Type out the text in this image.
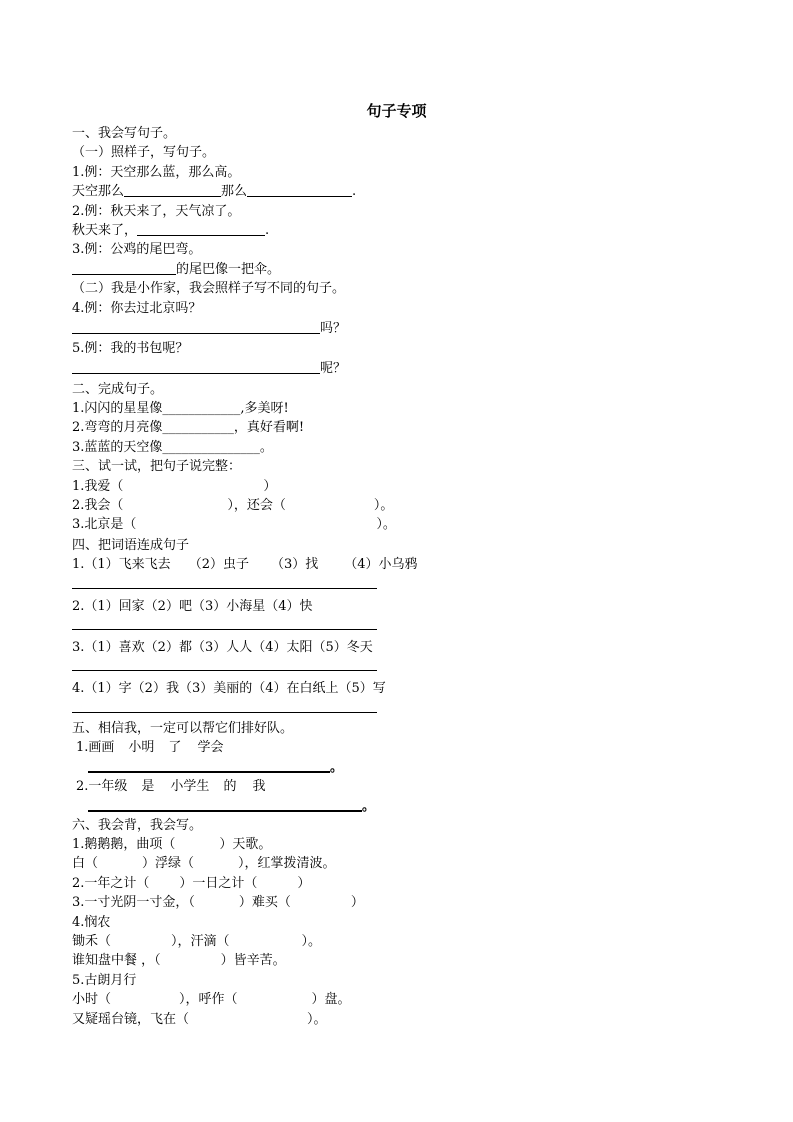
句子专项
一、我会写句子。
（一）照样子，写句子。
1.例：天空那么蓝，那么高。
天空那么	那么	.
2.例：秋天来了，天气凉了。
秋天来了，	.
3.例：公鸡的尾巴弯。
的尾巴像一把伞。
（二）我是小作家，我会照样子写不同的句子。
4.例：你去过北京吗？
吗？
5.例：我的书包呢？
呢？
二、完成句子。
1.闪闪的星星像____________,多美呀!
2.弯弯的月亮像___________，真好看啊!
3.蓝蓝的天空像_______________。
三、试一试，把句子说完整：
1.我爱（	）
2.我会（	），还会（	）。
3.北京是（	）。
四、把词语连成句子
1.（1）飞来飞去 （2）虫子 （3）找 （4）小乌鸦
2.（1）回家（2）吧（3）小海星（4）快
3.（1）喜欢（2）都（3）人人（4）太阳（5）冬天
4.（1）字（2）我（3）美丽的（4）在白纸上（5）写
五、相信我，一定可以帮它们排好队。
1.画画 小明 了 学会
。
2.一年级 是 小学生 的 我
。
六、我会背，我会写。
1.鹅鹅鹅，曲项（	）天歌。
白（	）浮绿（	），红掌拨清波。
2.一年之计（ ）一日之计（	）
3.一寸光阴一寸金，（	）难买（	）
4.悯农
锄禾（	），汗滴（	）。
谁知盘中餐 ，（	）皆辛苦。
5.古朗月行
小时（	），呼作（	）盘。
又疑瑶台镜，飞在（	）。
